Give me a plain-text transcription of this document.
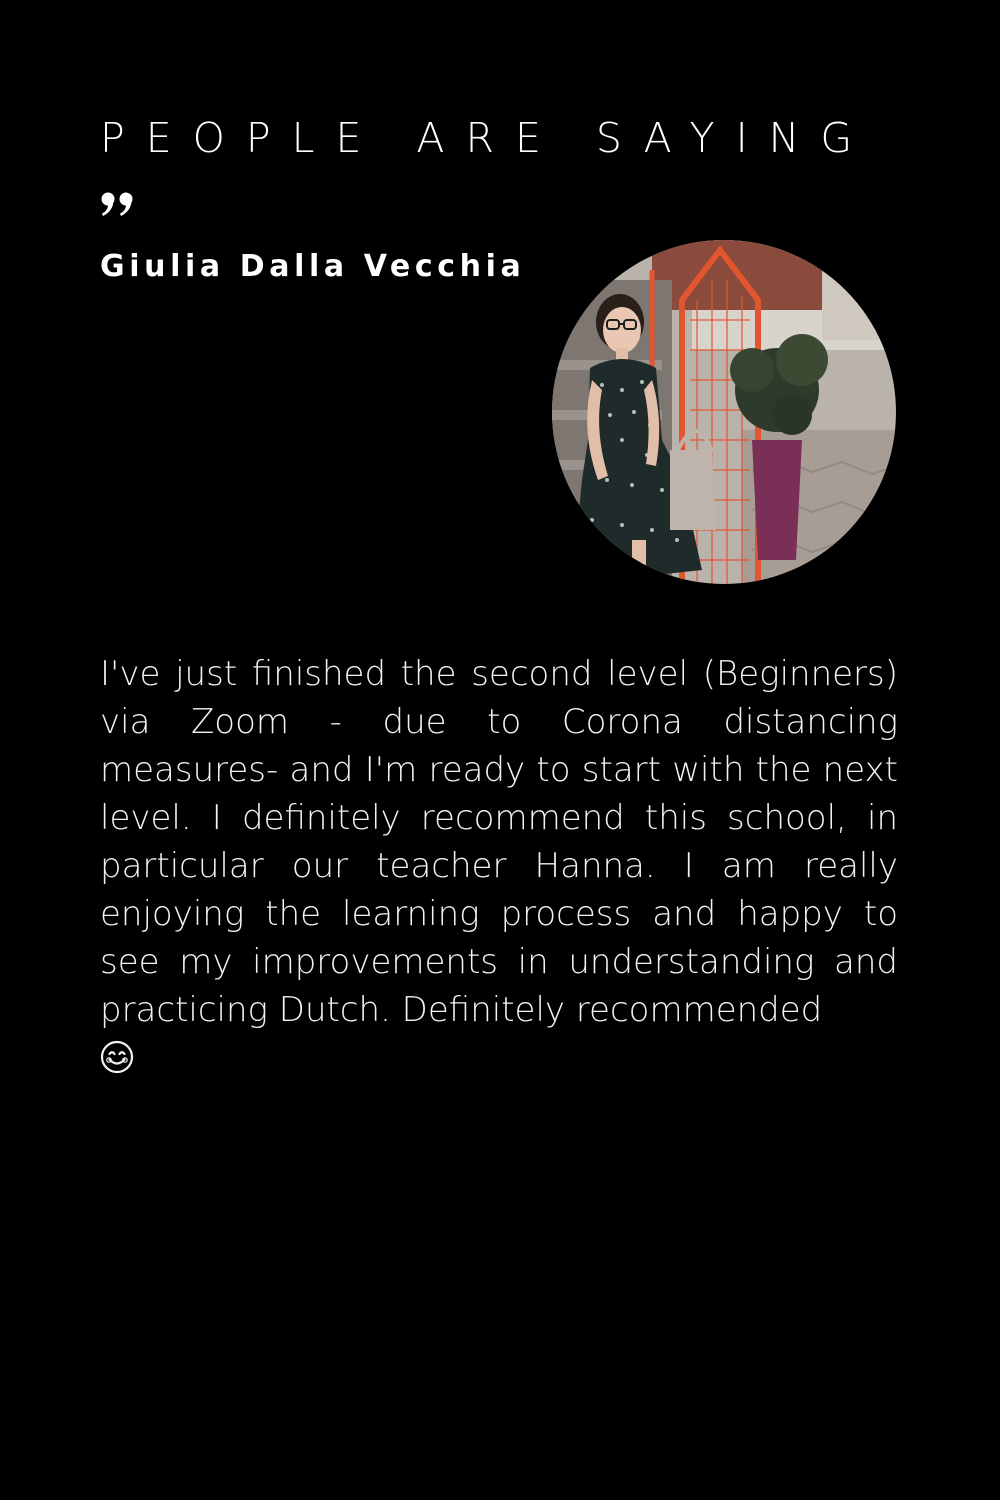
PEOPLE ARE SAYING
Giulia Dalla Vecchia

I've just finished the second level (Beginners) via Zoom - due to Corona distancing measures- and I'm ready to start with the next level. I definitely recommend this school, in particular our teacher Hanna. I am really enjoying the learning process and happy to see my improvements in understanding and practicing Dutch. Definitely recommended
